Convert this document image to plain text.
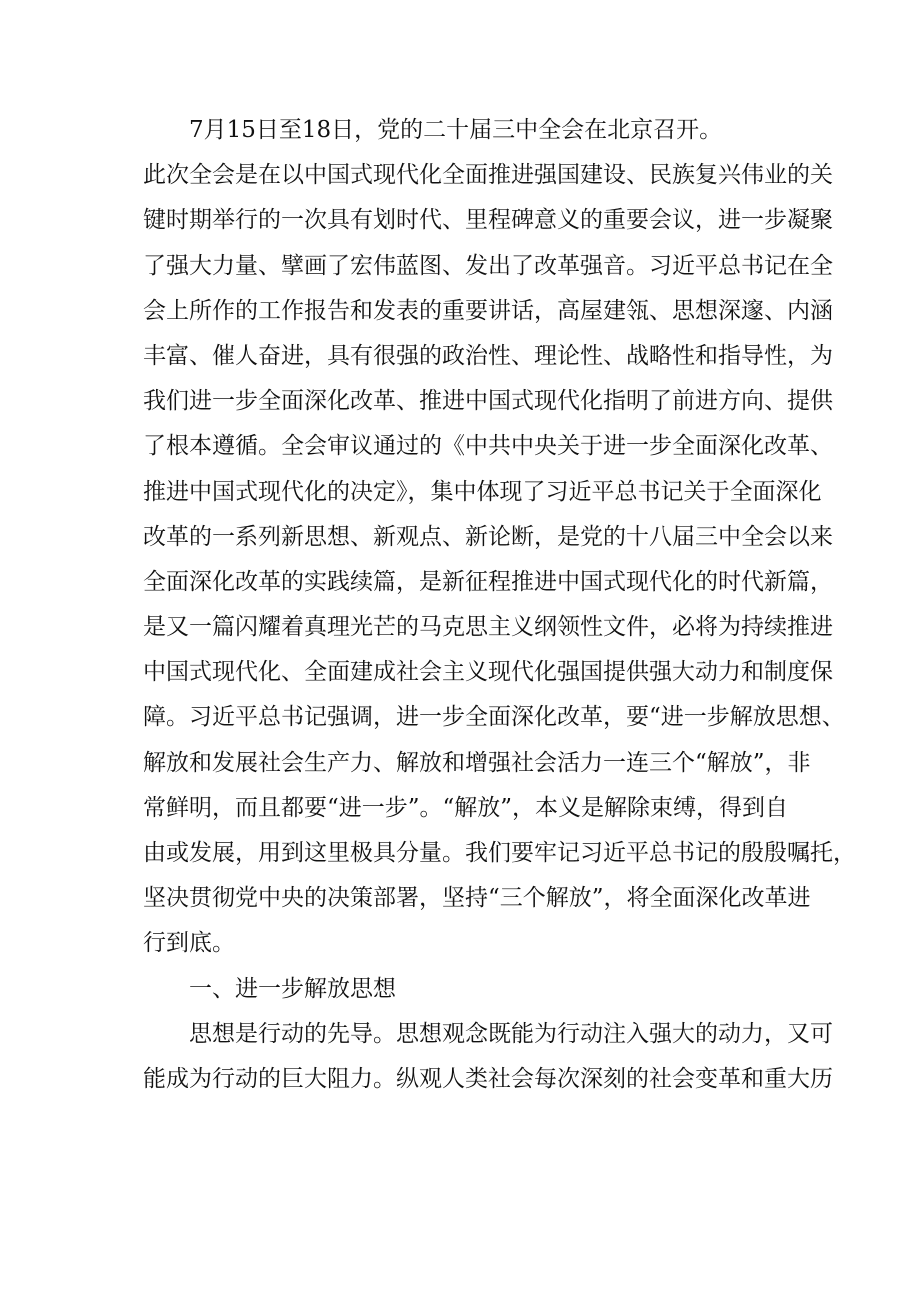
7月15日至18日，党的二十届三中全会在北京召开。

此次全会是在以中国式现代化全面推进强国建设、民族复兴伟业的关
键时期举行的一次具有划时代、里程碑意义的重要会议，进一步凝聚
了强大力量、擘画了宏伟蓝图、发出了改革强音。习近平总书记在全
会上所作的工作报告和发表的重要讲话，高屋建瓴、思想深邃、内涵
丰富、催人奋进，具有很强的政治性、理论性、战略性和指导性，为
我们进一步全面深化改革、推进中国式现代化指明了前进方向、提供
了根本遵循。全会审议通过的《中共中央关于进一步全面深化改革、
推进中国式现代化的决定》，集中体现了习近平总书记关于全面深化
改革的一系列新思想、新观点、新论断，是党的十八届三中全会以来
全面深化改革的实践续篇，是新征程推进中国式现代化的时代新篇，
是又一篇闪耀着真理光芒的马克思主义纲领性文件，必将为持续推进
中国式现代化、全面建成社会主义现代化强国提供强大动力和制度保
障。习近平总书记强调，进一步全面深化改革，要“进一步解放思想、
解放和发展社会生产力、解放和增强社会活力一连三个“解放”，非
常鲜明，而且都要“进一步”。“解放”，本义是解除束缚，得到自
由或发展，用到这里极具分量。我们要牢记习近平总书记的殷殷嘱托，
坚决贯彻党中央的决策部署，坚持“三个解放”，将全面深化改革进
行到底。

一、进一步解放思想

思想是行动的先导。思想观念既能为行动注入强大的动力，又可
能成为行动的巨大阻力。纵观人类社会每次深刻的社会变革和重大历
